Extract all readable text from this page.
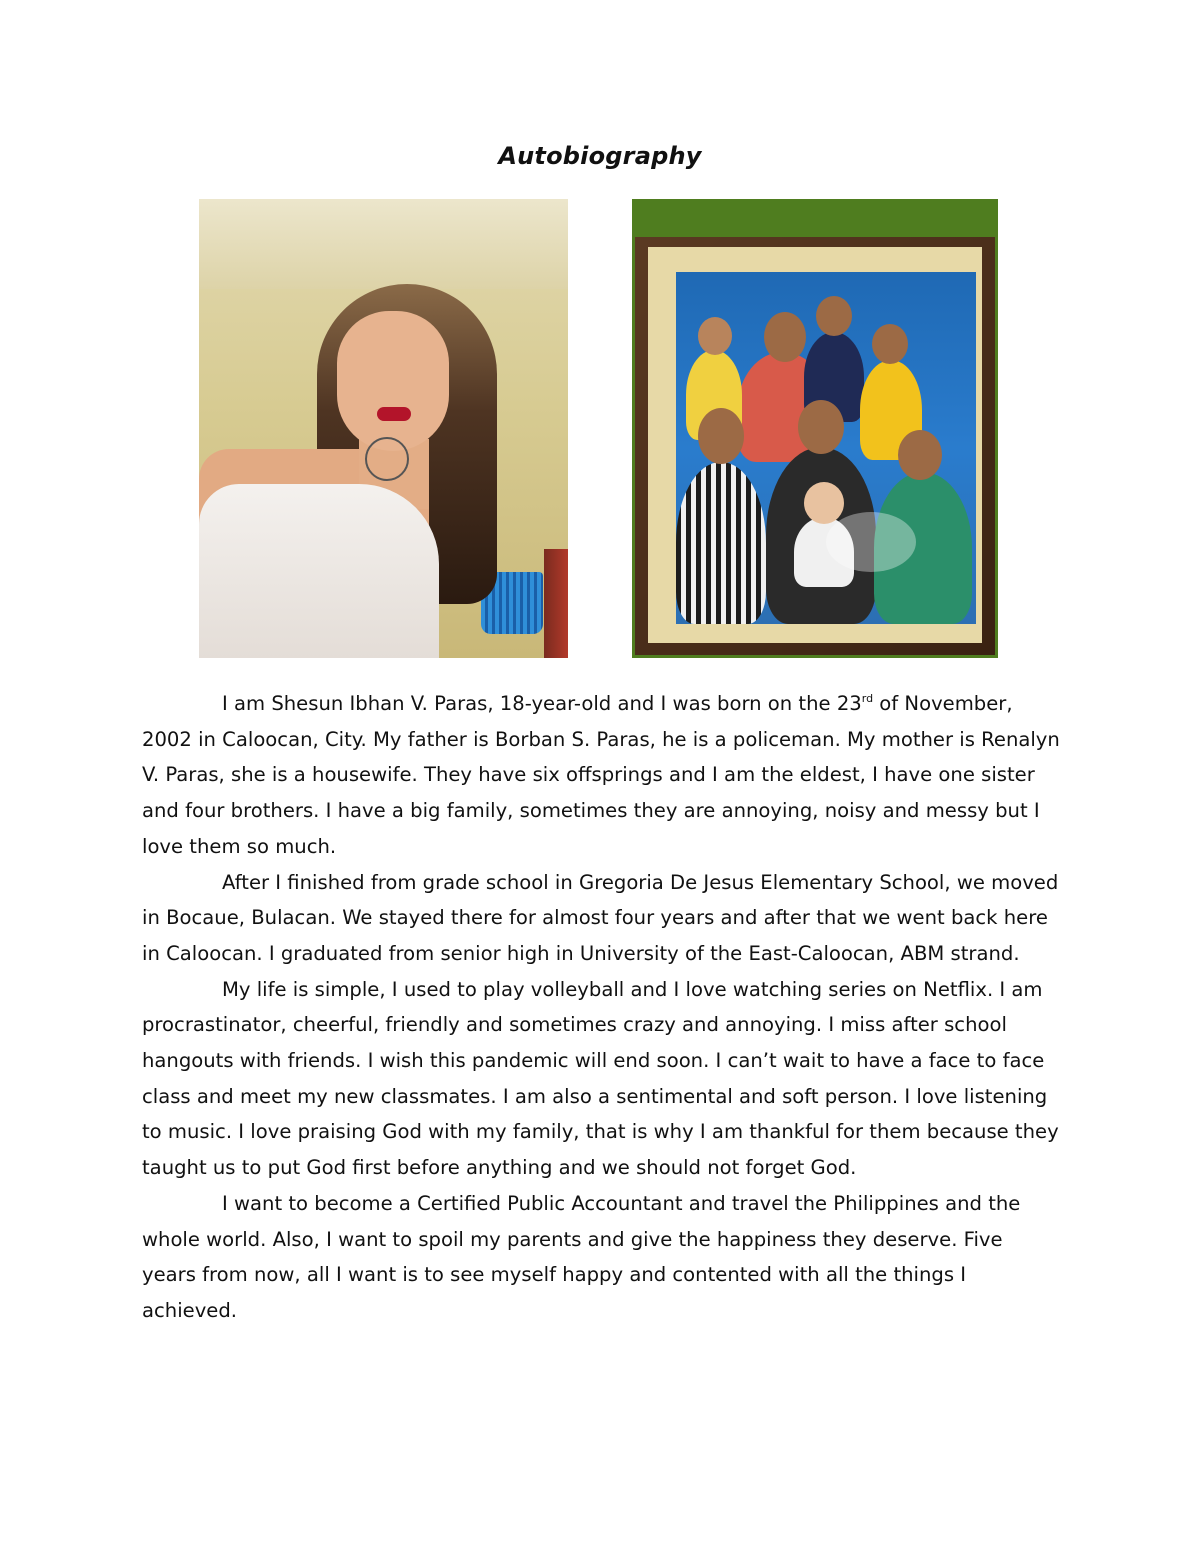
Autobiography

I am Shesun Ibhan V. Paras, 18-year-old and I was born on the 23rd of November, 2002 in Caloocan, City. My father is Borban S. Paras, he is a policeman. My mother is Renalyn V. Paras, she is a housewife. They have six offsprings and I am the eldest, I have one sister and four brothers. I have a big family, sometimes they are annoying, noisy and messy but I love them so much.

After I finished from grade school in Gregoria De Jesus Elementary School, we moved in Bocaue, Bulacan. We stayed there for almost four years and after that we went back here in Caloocan. I graduated from senior high in University of the East-Caloocan, ABM strand.

My life is simple, I used to play volleyball and I love watching series on Netflix. I am procrastinator, cheerful, friendly and sometimes crazy and annoying. I miss after school hangouts with friends. I wish this pandemic will end soon. I can’t wait to have a face to face class and meet my new classmates. I am also a sentimental and soft person. I love listening to music. I love praising God with my family, that is why I am thankful for them because they taught us to put God first before anything and we should not forget God.

I want to become a Certified Public Accountant and travel the Philippines and the whole world. Also, I want to spoil my parents and give the happiness they deserve. Five years from now, all I want is to see myself happy and contented with all the things I achieved.
